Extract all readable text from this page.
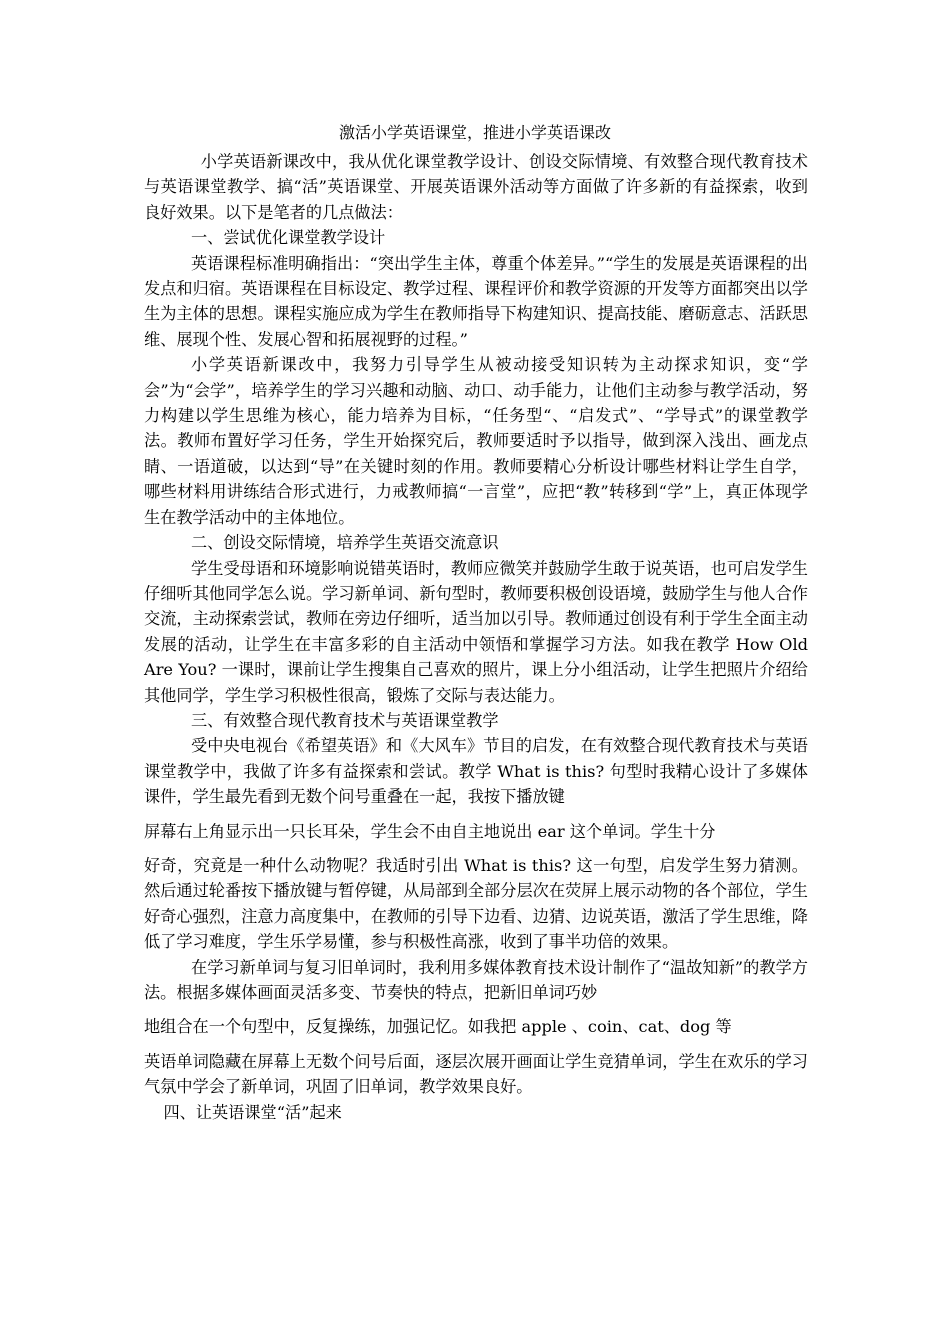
激活小学英语课堂，推进小学英语课改

小学英语新课改中，我从优化课堂教学设计、创设交际情境、有效整合现代教育技术与英语课堂教学、搞“活”英语课堂、开展英语课外活动等方面做了许多新的有益探索，收到良好效果。以下是笔者的几点做法：

一、尝试优化课堂教学设计

英语课程标准明确指出：“突出学生主体，尊重个体差异。”“学生的发展是英语课程的出发点和归宿。英语课程在目标设定、教学过程、课程评价和教学资源的开发等方面都突出以学生为主体的思想。课程实施应成为学生在教师指导下构建知识、提高技能、磨砺意志、活跃思维、展现个性、发展心智和拓展视野的过程。”

小学英语新课改中，我努力引导学生从被动接受知识转为主动探求知识，变“学会”为“会学”，培养学生的学习兴趣和动脑、动口、动手能力，让他们主动参与教学活动，努力构建以学生思维为核心，能力培养为目标，“任务型“、“启发式”、“学导式”的课堂教学法。教师布置好学习任务，学生开始探究后，教师要适时予以指导，做到深入浅出、画龙点睛、一语道破，以达到“导”在关键时刻的作用。教师要精心分析设计哪些材料让学生自学，哪些材料用讲练结合形式进行，力戒教师搞“一言堂”，应把“教”转移到“学”上，真正体现学生在教学活动中的主体地位。

二、创设交际情境，培养学生英语交流意识

学生受母语和环境影响说错英语时，教师应微笑并鼓励学生敢于说英语，也可启发学生仔细听其他同学怎么说。学习新单词、新句型时，教师要积极创设语境，鼓励学生与他人合作交流，主动探索尝试，教师在旁边仔细听，适当加以引导。教师通过创设有利于学生全面主动发展的活动，让学生在丰富多彩的自主活动中领悟和掌握学习方法。如我在教学 How Old Are You? 一课时，课前让学生搜集自己喜欢的照片，课上分小组活动，让学生把照片介绍给其他同学，学生学习积极性很高，锻炼了交际与表达能力。

三、有效整合现代教育技术与英语课堂教学

受中央电视台《希望英语》和《大风车》节目的启发，在有效整合现代教育技术与英语课堂教学中，我做了许多有益探索和尝试。教学 What is this? 句型时我精心设计了多媒体课件，学生最先看到无数个问号重叠在一起，我按下播放键

屏幕右上角显示出一只长耳朵，学生会不由自主地说出 ear 这个单词。学生十分

好奇，究竟是一种什么动物呢？我适时引出 What is this? 这一句型，启发学生努力猜测。然后通过轮番按下播放键与暂停键，从局部到全部分层次在荧屏上展示动物的各个部位，学生好奇心强烈，注意力高度集中，在教师的引导下边看、边猜、边说英语，激活了学生思维，降低了学习难度，学生乐学易懂，参与积极性高涨，收到了事半功倍的效果。

在学习新单词与复习旧单词时，我利用多媒体教育技术设计制作了“温故知新”的教学方法。根据多媒体画面灵活多变、节奏快的特点，把新旧单词巧妙

地组合在一个句型中，反复操练，加强记忆。如我把 apple 、coin、cat、dog 等

英语单词隐藏在屏幕上无数个问号后面，逐层次展开画面让学生竞猜单词，学生在欢乐的学习气氛中学会了新单词，巩固了旧单词，教学效果良好。

四、让英语课堂“活”起来
